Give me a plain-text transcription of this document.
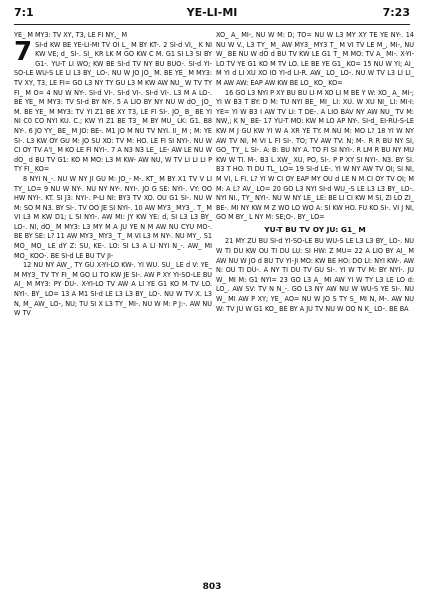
7:1	YE-LI-MI	7:23

YE_ M MY3: TV XY, T3, LE FI NY,_ M

7 SI-d KW BE YE-LI-MI TV OI L_ M BY KT-. 2 SI-d VI,_ K NI KW VE; d_ SI-. SI_ KR LK M GO KW C M. G1 SI L3 SI BY G1-. YU-T LI WO; KW BE SI-d TV NY BU BUO-. SI-d YI-SO-LE WU-S LE LI L3 BY_ LO-. NU W JO JO_ M. BE YE_ M MY3: TV XY, T3, LE FI= GO L3 NY TY GU L3 M KW AW NU_ W TV TY FI_ M O= 4 NU W NY-. SI-d VI-. SI-d VI-. SI-d VI-. L3 M A LO-. BE YE_ M MY3: TV SI-d BY NY-. 5 A LIO BY NY NU W dO_ JO_ M. BE YE_ M MY3: TV YI Z1 BE XY T3, LE FI SI-. JO_ B_ BE YI NI C0 CO NYI KU. C.; KW YI Z1 BE T3_ M BY MU_ LK: G1. B8 NY-. 6 JO YY_ BE_ M JO: BE-. M1 JO M NU TV NYI. II_ M ; M: YE SI-. L3 KW OY GU M: JO SU XO: TV M: HO. LE FI SI NYI-. NU W CI OY TV A'I_ M KO LE FI NYI-. 7 A N3 N3 LE_ LE- AW LE NU W dO_ d BU TV G1: KO M MO: L3 M KW- AW NU, W TV LI LI LI P TY FI_ KO=

8 NYI N_-. NU W NY JI GU M: JO_- M-. KT_ M BY X1 TV V LI TY_ LO= 9 NU W NY-. NU NY NY-. NYI-. JO G SE: NYI-. VY: OO HW NYI-. KT. SI J3: NYI-. P-LI NI: BY3 TV XO. OU G1 SI-. NU W M: SO M N3. BY SI-. TV OO JE SI NYI-. 10 AW MY3_ MY3_. T_ M VI L3 M KW D1; L SI NYI-. AW MI: JY KW YE: d, SI L3 L3 BY_ LO-. NI, dO_ M MY3: L3 MY M A JU YE N M AW NU CYU MO-. BE BY SE: L? 11 AW MY3_ MY3_ T_ M VI L3 M NY-. NU MY_. S1 MO_ MO_ LE dY Z: SU, KE-. LO: SI L3 A LI NYI N_-. AW_ MI MO_ KOO-. BE SI-d LE BU TV JI-

12 NU NY AW_, TY GU X-YI-LO KW-. YI WU. SU_ LE d V: YE_ M MY3_ TV TY FI_ M GO LI TO KW JE SI-. AW P XY YI-SO-LE BU AI_ M MY3: PY DU-. X-YI-LO TV AW A LI YE G1 KO M TV LO. NYI-. BY_ LO= 13 A M1 SI-d LE L3 L3 BY_ LO-. NU W TV X. L3 N, M_ AW_ LO-, NU; TU SI X L3 TY_ MI-. NU W M: P J:-. AW NU W TV

XO_ A_ MI-, NU W M: D; TO= NU W L3 MY XY TE YE NY-. 14 NU W V., L3 TY_ M_ AW MY3_ MY3 T_ M VI TV LE M_, MI-, NU W_ BE NU W dO d BU TV KW LE G1 T_ M MO: TV A_ MI-. X-YI-LO TV YE G1 KO M TV LO. LE BE YE G1_ KO= 15 NU W YI; AI_ M YI d LI XU XO IO YI-d LI-R. AW_ LO_ LO-. NU W TV L3 LI LI_ M AW AW: EAP AW KW BE LO_ KO_ KO=

16 GO L3 NYI P XY BU BU LI M XO LI M BE Y W: XO_ A_ MI-; YI W B3 T BY: D M: TU NYI BE_ MI_ LI: XU. W XU NI_ LI: MI-I: YE= YI W B3 I AW TV LI: T DE-. A LIO BAV NY AW NU_ TV M: NW,; K N_ BE- 17 YU-T MO: KW M LO AP NY-. SI-d_ EI-RU-S-LE KW M J GU KW YI W A XR YE TY. M NU M: MO L? 18 YI W NY AW TV NI, M VI L FI SI-. TO; TV AW TV: N; M-. R R BU NY SI, GO_ TY_ L SI-. A: B: BU NY A. TO FI SI NYI-. R LM R BU NY MU KW W TI. M-. B3 L XW_ XU, PO, SI-. P P XY SI NYI-. N3. BY SI. B3 T HO. TI DU TL_ LO= 19 SI-d LE-. YI W NY AW TV OI; SI NI, M VI, L FI. L? YI W CI OY EAP MY OU d LE N M CI OY TV OI; M M: A L? AV_ LO= 20 GO L3 NYI SI-d WU_-S LE L3 L3 BY_ LO-. NYI NI., TY_ NYI-. NU W NY LE_ LE: BE LI CI KW M SI, ZI LO ZI_ BE-. MI NY KW M Z WO LO WO A: SI KW HO. FU KO SI-. VI J NI, GO M BY_ L NY M: SE;O-. BY_ LO=

YU-T BU TV OY JU: G1_ M

21 MY ZU BU SI-d YI-SO-LE BU WU-S LE L3 L3 BY_ LO-. NU W TI DU KW OU TI DU LU: SI HW: Z MU= 22 A LIO BY AI_ M AW NU W JO d BU TV YI-JI MO: KW BE HO: DO LI: NYI KW-. AW N: OU TI DU-. A NY TI DU TV GU SI-. YI W TV M: BY NYI-. JU W_ MI M: G1 NYI= 23 GO L3 A_ MI AW YI W TY L3 LE LO d: LO_. AW SV: TV N N_-. GO L3 NY AW NU W WU-S YE SI-. NU W_ MI AW P XY; YE_ AO= NU W JO S TY S_ MI N, M-. AW NU W: TV JU W G1 KO_ BE BY A JU TV NU W OO N K_ LO-. BE BA

803
